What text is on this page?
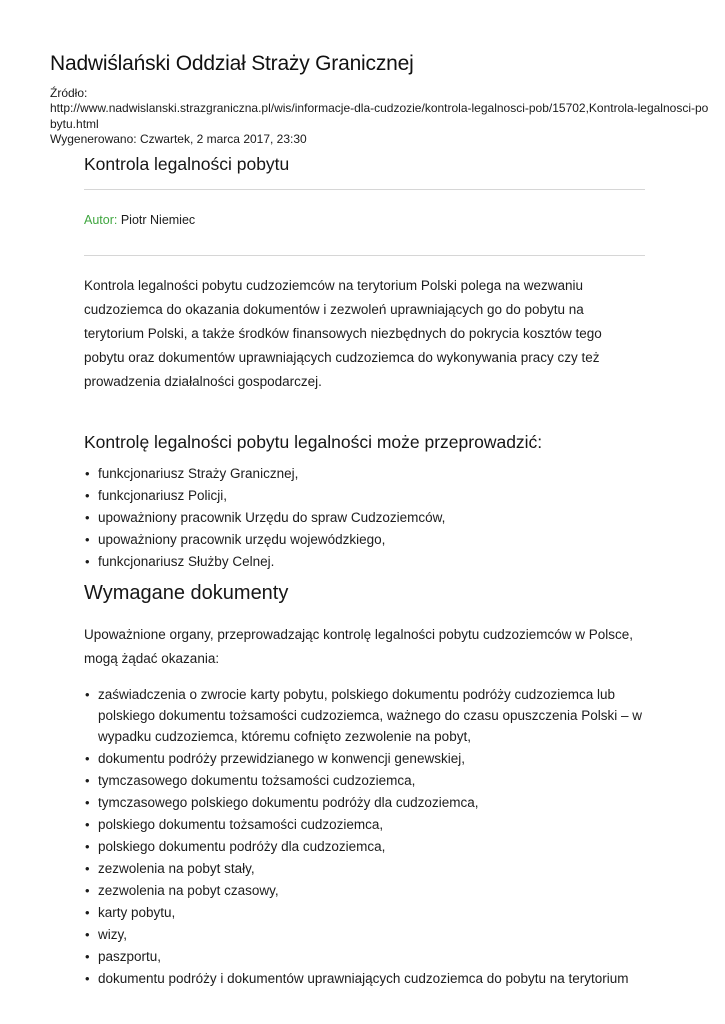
Nadwiślański Oddział Straży Granicznej
Źródło:
http://www.nadwislanski.strazgraniczna.pl/wis/informacje-dla-cudzozie/kontrola-legalnosci-pob/15702,Kontrola-legalnosci-pobytu.html
Wygenerowano: Czwartek, 2 marca 2017, 23:30
Kontrola legalności pobytu
Autor: Piotr Niemiec

Kontrola legalności pobytu cudzoziemców na terytorium Polski polega na wezwaniu cudzoziemca do okazania dokumentów i zezwoleń uprawniających go do pobytu na terytorium Polski, a także środków finansowych niezbędnych do pokrycia kosztów tego pobytu oraz dokumentów uprawniających cudzoziemca do wykonywania pracy czy też prowadzenia działalności gospodarczej.

Kontrolę legalności pobytu legalności może przeprowadzić:
• funkcjonariusz Straży Granicznej,
• funkcjonariusz Policji,
• upoważniony pracownik Urzędu do spraw Cudzoziemców,
• upoważniony pracownik urzędu wojewódzkiego,
• funkcjonariusz Służby Celnej.
Wymagane dokumenty

Upoważnione organy, przeprowadzając kontrolę legalności pobytu cudzoziemców w Polsce, mogą żądać okazania:

• zaświadczenia o zwrocie karty pobytu, polskiego dokumentu podróży cudzoziemca lub polskiego dokumentu tożsamości cudzoziemca, ważnego do czasu opuszczenia Polski – w wypadku cudzoziemca, któremu cofnięto zezwolenie na pobyt,
• dokumentu podróży przewidzianego w konwencji genewskiej,
• tymczasowego dokumentu tożsamości cudzoziemca,
• tymczasowego polskiego dokumentu podróży dla cudzoziemca,
• polskiego dokumentu tożsamości cudzoziemca,
• polskiego dokumentu podróży dla cudzoziemca,
• zezwolenia na pobyt stały,
• zezwolenia na pobyt czasowy,
• karty pobytu,
• wizy,
• paszportu,
• dokumentu podróży i dokumentów uprawniających cudzoziemca do pobytu na terytorium
